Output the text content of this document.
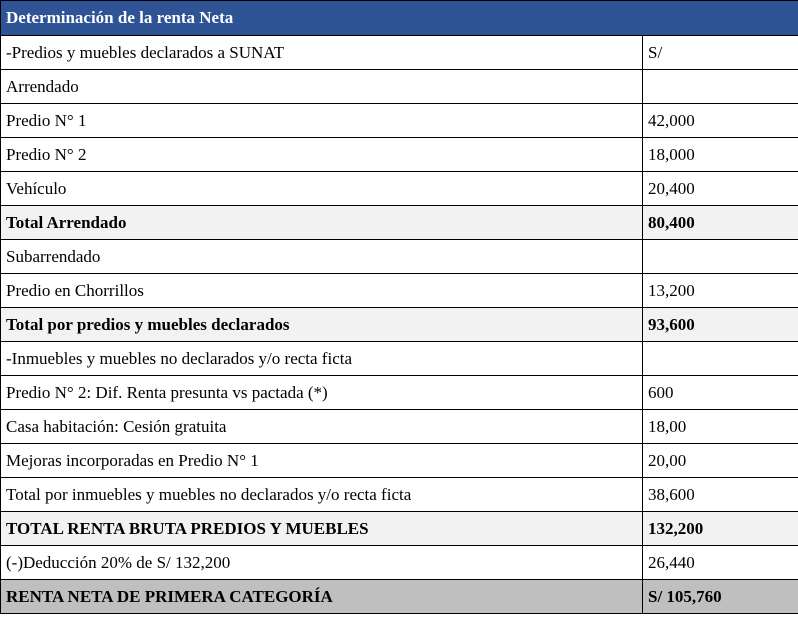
Determinación de la renta Neta	
-Predios y muebles declarados a SUNAT	S/
Arrendado	
Predio N° 1	42,000
Predio N° 2	18,000
Vehículo	20,400
Total Arrendado	80,400
Subarrendado	
Predio en Chorrillos	13,200
Total por predios y muebles declarados	93,600
-Inmuebles y muebles no declarados y/o recta ficta	
Predio N° 2: Dif. Renta presunta vs pactada (*)	600
Casa habitación: Cesión gratuita	18,00
Mejoras incorporadas en Predio N° 1	20,00
Total por inmuebles y muebles no declarados y/o recta ficta	38,600
TOTAL RENTA BRUTA PREDIOS Y MUEBLES	132,200
(-)Deducción 20% de S/ 132,200	26,440
RENTA NETA DE PRIMERA CATEGORÍA	S/ 105,760
